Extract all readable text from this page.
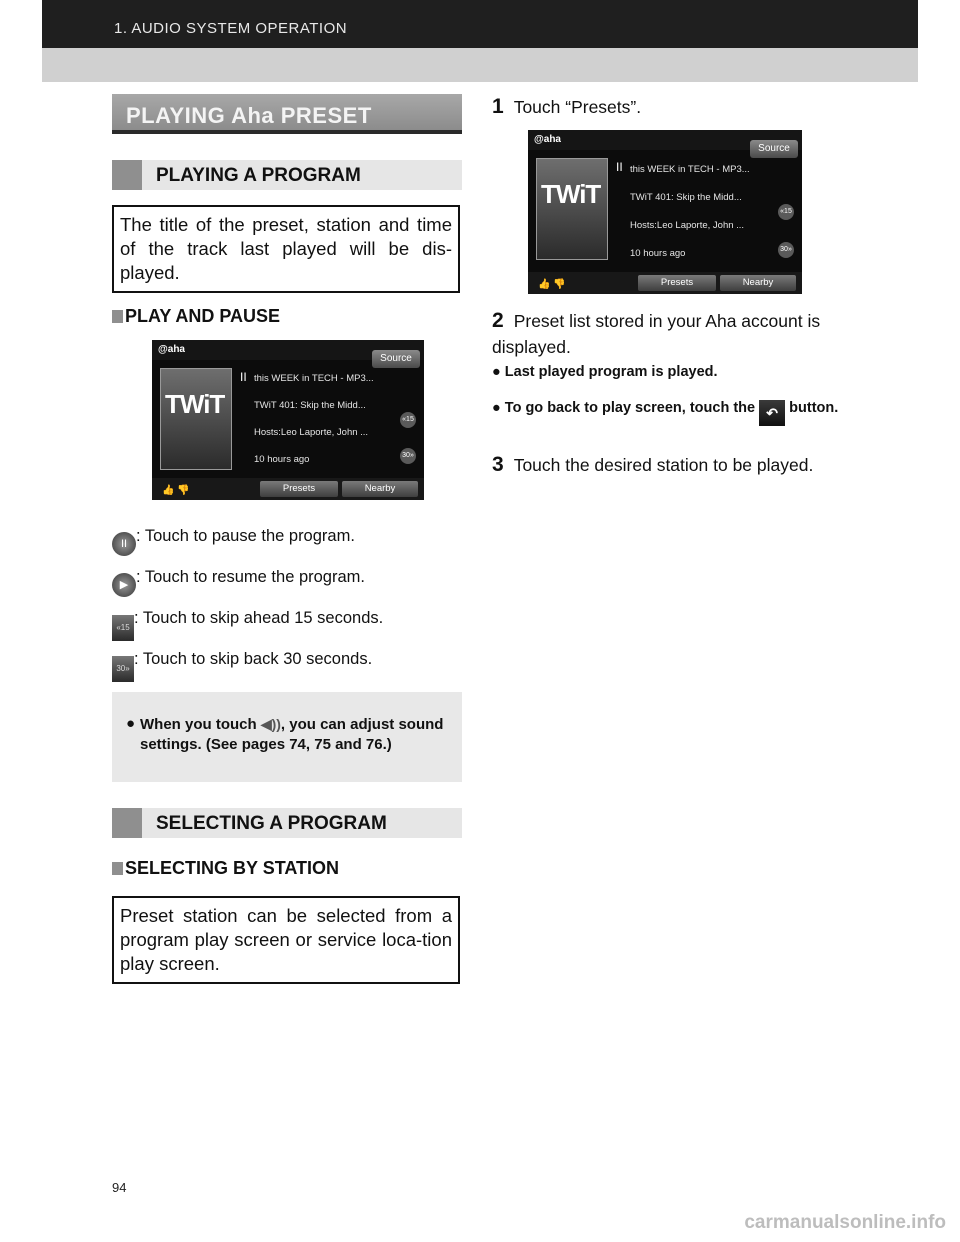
1. AUDIO SYSTEM OPERATION
PLAYING Aha PRESET
PLAYING A PROGRAM
The title of the preset, station and time of the track last played will be dis-played.
PLAY AND PAUSE
@aha
Source
TWiT
II this WEEK in TECH - MP3...
TWiT 401: Skip the Midd...
Hosts:Leo Laporte, John ...
10 hours ago
«15
30»
👍 👎	Presets	Nearby
II : Touch to pause the program.
▶ : Touch to resume the program.
«15: Touch to skip ahead 15 seconds.
30»: Touch to skip back 30 seconds.
● When you touch ◀)), you can adjust sound settings. (See pages 74, 75 and 76.)
SELECTING A PROGRAM
SELECTING BY STATION
Preset station can be selected from a program play screen or service loca-tion play screen.
1 Touch “Presets”.
@aha
Source
TWiT
II this WEEK in TECH - MP3...
TWiT 401: Skip the Midd...
Hosts:Leo Laporte, John ...
10 hours ago
«15
30»
👍 👎	Presets	Nearby
2 Preset list stored in your Aha account is displayed.
● Last played program is played.
● To go back to play screen, touch the ↶ button.
3 Touch the desired station to be played.
94
carmanualsonline.info
